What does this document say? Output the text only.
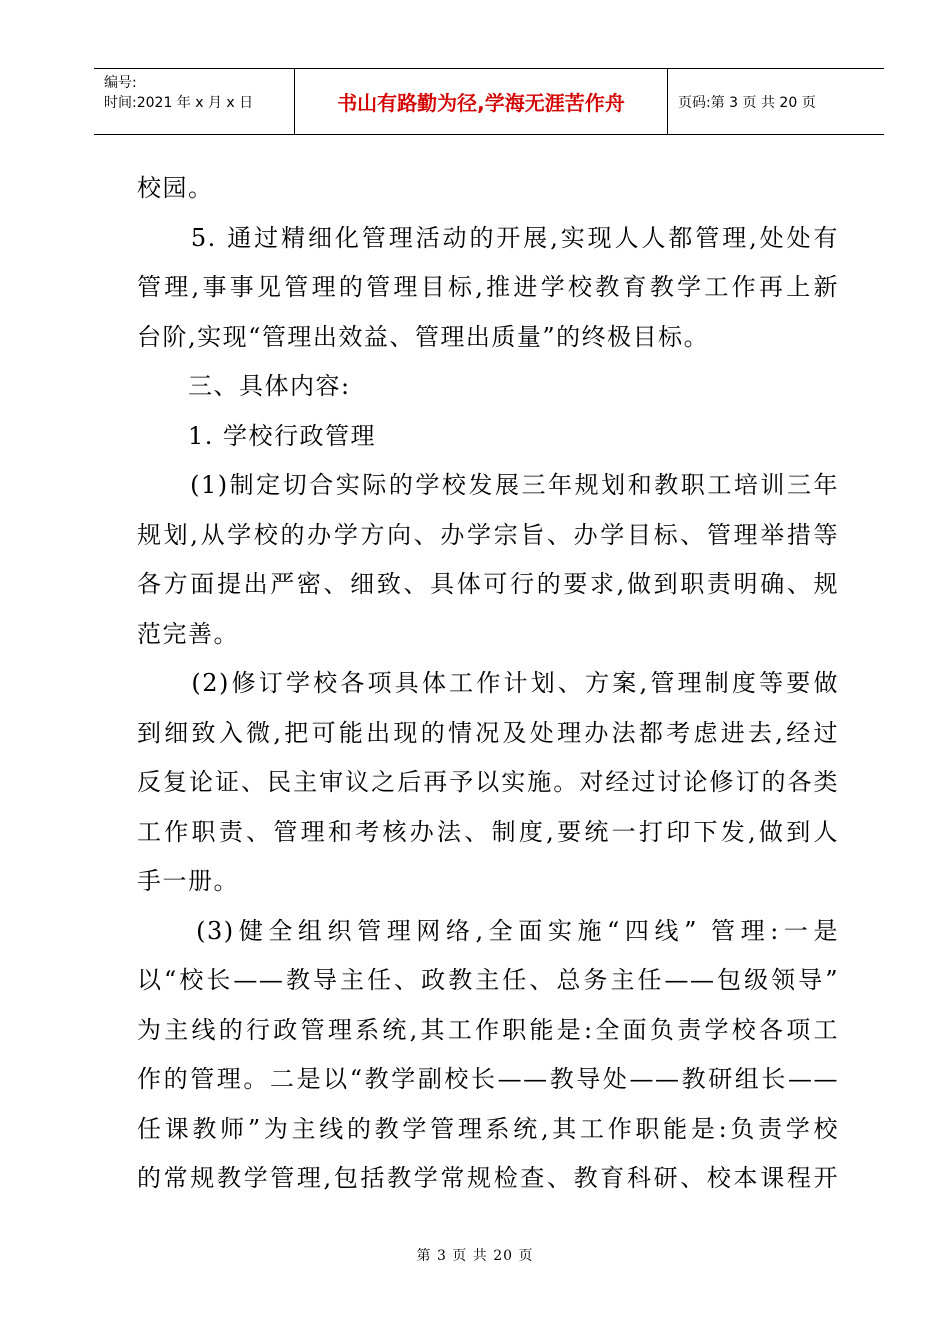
编号:
时间:2021 年 x 月 x 日	书山有路勤为径,学海无涯苦作舟	页码:第 3 页 共 20 页
校园。
　　5. 通过精细化管理活动的开展,实现人人都管理,处处有
管理,事事见管理的管理目标,推进学校教育教学工作再上新
台阶,实现“管理出效益、管理出质量”的终极目标。
　　三、具体内容:
　　1. 学校行政管理
　　(1)制定切合实际的学校发展三年规划和教职工培训三年
规划,从学校的办学方向、办学宗旨、办学目标、管理举措等
各方面提出严密、细致、具体可行的要求,做到职责明确、规
范完善。
　　(2)修订学校各项具体工作计划、方案,管理制度等要做
到细致入微,把可能出现的情况及处理办法都考虑进去,经过
反复论证、民主审议之后再予以实施。对经过讨论修订的各类
工作职责、管理和考核办法、制度,要统一打印下发,做到人
手一册。
　　(3)健全组织管理网络,全面实施“四线” 管理:一是
以“校长——教导主任、政教主任、总务主任——包级领导”
为主线的行政管理系统,其工作职能是:全面负责学校各项工
作的管理。二是以“教学副校长——教导处——教研组长——
任课教师”为主线的教学管理系统,其工作职能是:负责学校
的常规教学管理,包括教学常规检查、教育科研、校本课程开
第 3 页 共 20 页
